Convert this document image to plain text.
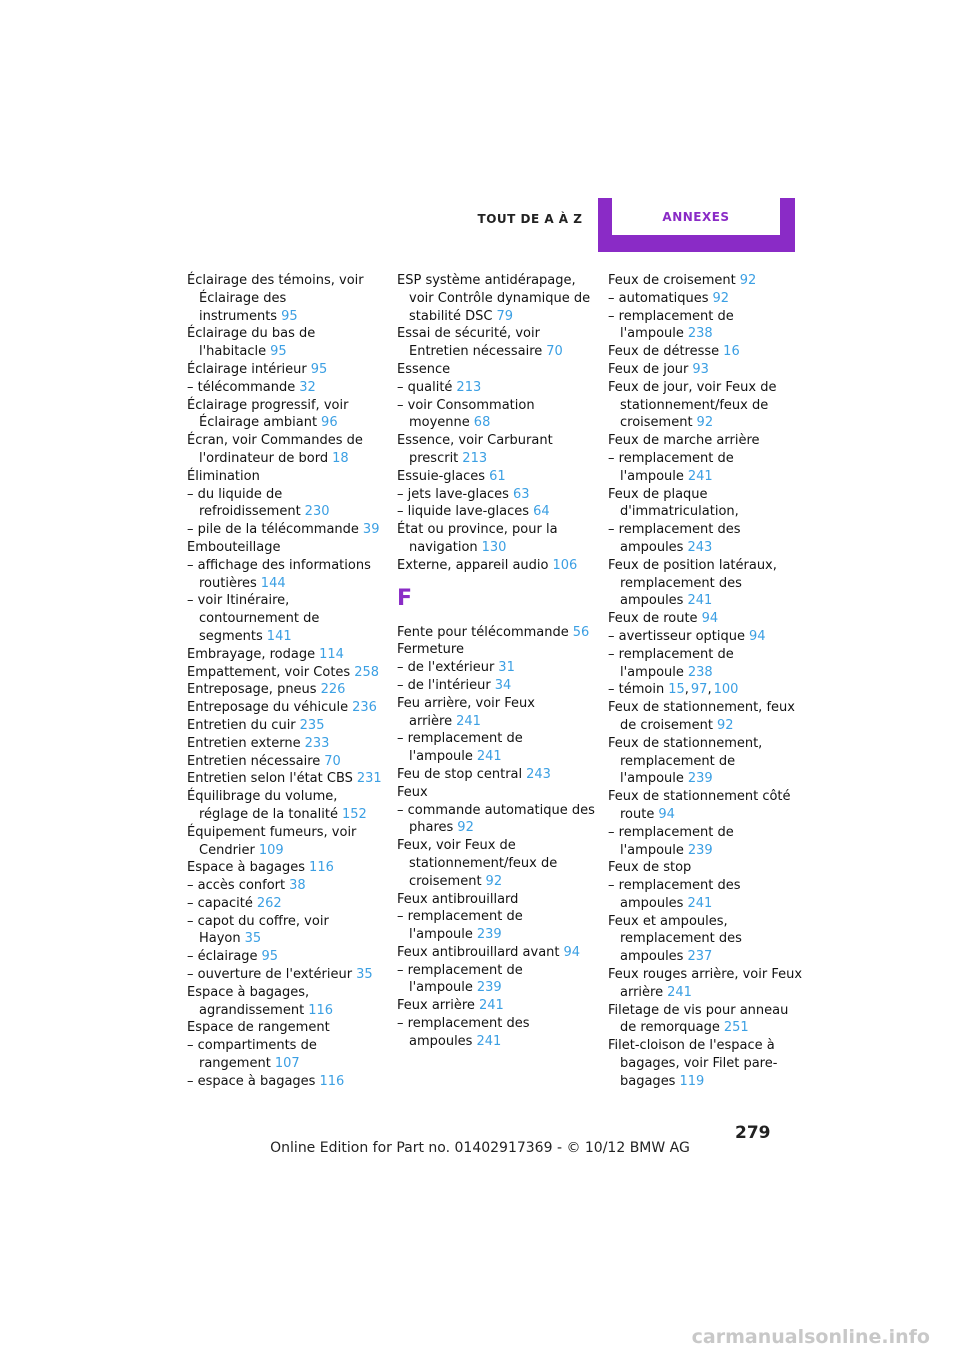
TOUT DE A À Z	ANNEXES
Éclairage des témoins, voir Éclairage des instruments 95
Éclairage du bas de l'habitacle 95
Éclairage intérieur 95
– télécommande 32
Éclairage progressif, voir Éclairage ambiant 96
Écran, voir Commandes de l'ordinateur de bord 18
Élimination
– du liquide de refroidissement 230
– pile de la télécommande 39
Embouteillage
– affichage des informations routières 144
– voir Itinéraire, contournement de segments 141
Embrayage, rodage 114
Empattement, voir Cotes 258
Entreposage, pneus 226
Entreposage du véhicule 236
Entretien du cuir 235
Entretien externe 233
Entretien nécessaire 70
Entretien selon l'état CBS 231
Équilibrage du volume, réglage de la tonalité 152
Équipement fumeurs, voir Cendrier 109
Espace à bagages 116
– accès confort 38
– capacité 262
– capot du coffre, voir Hayon 35
– éclairage 95
– ouverture de l'extérieur 35
Espace à bagages, agrandissement 116
Espace de rangement
– compartiments de rangement 107
– espace à bagages 116
ESP système antidérapage, voir Contrôle dynamique de stabilité DSC 79
Essai de sécurité, voir Entretien nécessaire 70
Essence
– qualité 213
– voir Consommation moyenne 68
Essence, voir Carburant prescrit 213
Essuie-glaces 61
– jets lave-glaces 63
– liquide lave-glaces 64
État ou province, pour la navigation 130
Externe, appareil audio 106
F
Fente pour télécommande 56
Fermeture
– de l'extérieur 31
– de l'intérieur 34
Feu arrière, voir Feux arrière 241
– remplacement de l'ampoule 241
Feu de stop central 243
Feux
– commande automatique des phares 92
Feux, voir Feux de stationnement/feux de croisement 92
Feux antibrouillard
– remplacement de l'ampoule 239
Feux antibrouillard avant 94
– remplacement de l'ampoule 239
Feux arrière 241
– remplacement des ampoules 241
Feux de croisement 92
– automatiques 92
– remplacement de l'ampoule 238
Feux de détresse 16
Feux de jour 93
Feux de jour, voir Feux de stationnement/feux de croisement 92
Feux de marche arrière
– remplacement de l'ampoule 241
Feux de plaque d'immatriculation,
– remplacement des ampoules 243
Feux de position latéraux, remplacement des ampoules 241
Feux de route 94
– avertisseur optique 94
– remplacement de l'ampoule 238
– témoin 15, 97, 100
Feux de stationnement, feux de croisement 92
Feux de stationnement, remplacement de l'ampoule 239
Feux de stationnement côté route 94
– remplacement de l'ampoule 239
Feux de stop
– remplacement des ampoules 241
Feux et ampoules, remplacement des ampoules 237
Feux rouges arrière, voir Feux arrière 241
Filetage de vis pour anneau de remorquage 251
Filet-cloison de l'espace à bagages, voir Filet pare-bagages 119
279
Online Edition for Part no. 01402917369 - © 10/12 BMW AG
carmanualsonline.info
